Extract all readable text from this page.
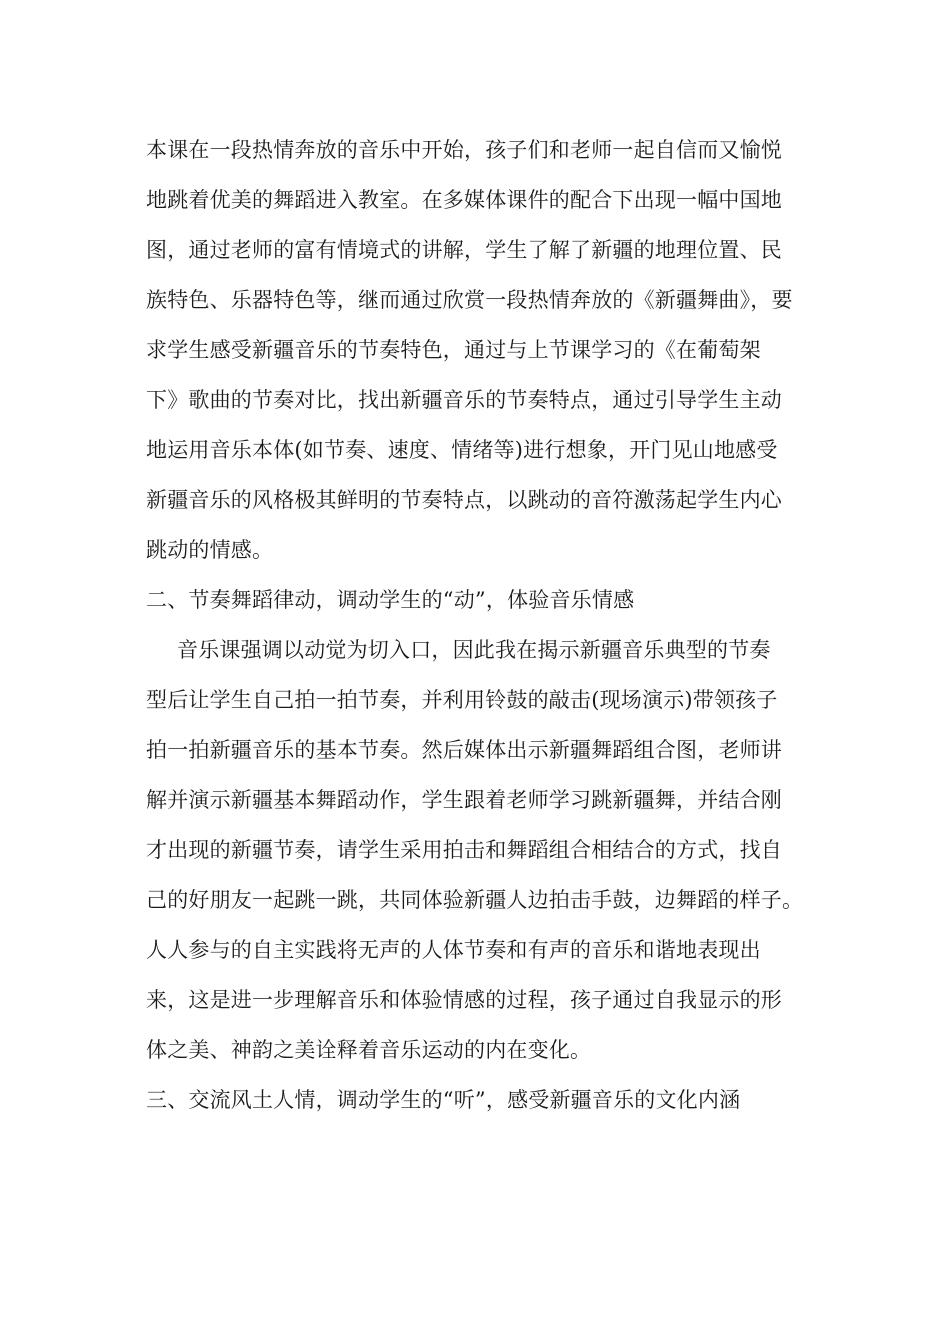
本课在一段热情奔放的音乐中开始，孩子们和老师一起自信而又愉悦
地跳着优美的舞蹈进入教室。在多媒体课件的配合下出现一幅中国地
图，通过老师的富有情境式的讲解，学生了解了新疆的地理位置、民
族特色、乐器特色等，继而通过欣赏一段热情奔放的《新疆舞曲》，要
求学生感受新疆音乐的节奏特色，通过与上节课学习的《在葡萄架
下》歌曲的节奏对比，找出新疆音乐的节奏特点，通过引导学生主动
地运用音乐本体(如节奏、速度、情绪等)进行想象，开门见山地感受
新疆音乐的风格极其鲜明的节奏特点，以跳动的音符激荡起学生内心
跳动的情感。
二、节奏舞蹈律动，调动学生的“动”，体验音乐情感
音乐课强调以动觉为切入口，因此我在揭示新疆音乐典型的节奏
型后让学生自己拍一拍节奏，并利用铃鼓的敲击(现场演示)带领孩子
拍一拍新疆音乐的基本节奏。然后媒体出示新疆舞蹈组合图，老师讲
解并演示新疆基本舞蹈动作，学生跟着老师学习跳新疆舞，并结合刚
才出现的新疆节奏，请学生采用拍击和舞蹈组合相结合的方式，找自
己的好朋友一起跳一跳，共同体验新疆人边拍击手鼓，边舞蹈的样子。
人人参与的自主实践将无声的人体节奏和有声的音乐和谐地表现出
来，这是进一步理解音乐和体验情感的过程，孩子通过自我显示的形
体之美、神韵之美诠释着音乐运动的内在变化。
三、交流风土人情，调动学生的“听”，感受新疆音乐的文化内涵
